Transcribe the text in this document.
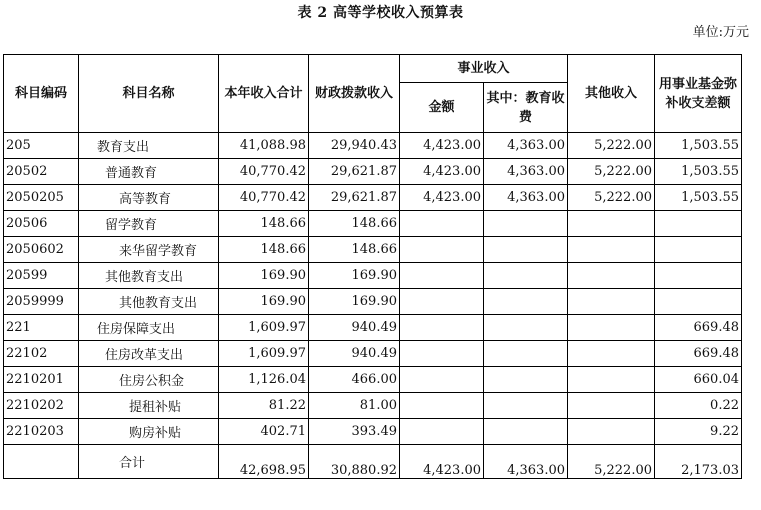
表 2 高等学校收入预算表
单位:万元
科目编码	科目名称	本年收入合计	财政拨款收入	事业收入		其他收入	用事业基金弥补收支差额
				金额	其中：教育收费		
205	教育支出	41,088.98	29,940.43	4,423.00	4,363.00	5,222.00	1,503.55
20502	普通教育	40,770.42	29,621.87	4,423.00	4,363.00	5,222.00	1,503.55
2050205	高等教育	40,770.42	29,621.87	4,423.00	4,363.00	5,222.00	1,503.55
20506	留学教育	148.66	148.66				
2050602	来华留学教育	148.66	148.66				
20599	其他教育支出	169.90	169.90				
2059999	其他教育支出	169.90	169.90				
221	住房保障支出	1,609.97	940.49				669.48
22102	住房改革支出	1,609.97	940.49				669.48
2210201	住房公积金	1,126.04	466.00				660.04
2210202	提租补贴	81.22	81.00				0.22
2210203	购房补贴	402.71	393.49				9.22
	合计	42,698.95	30,880.92	4,423.00	4,363.00	5,222.00	2,173.03
